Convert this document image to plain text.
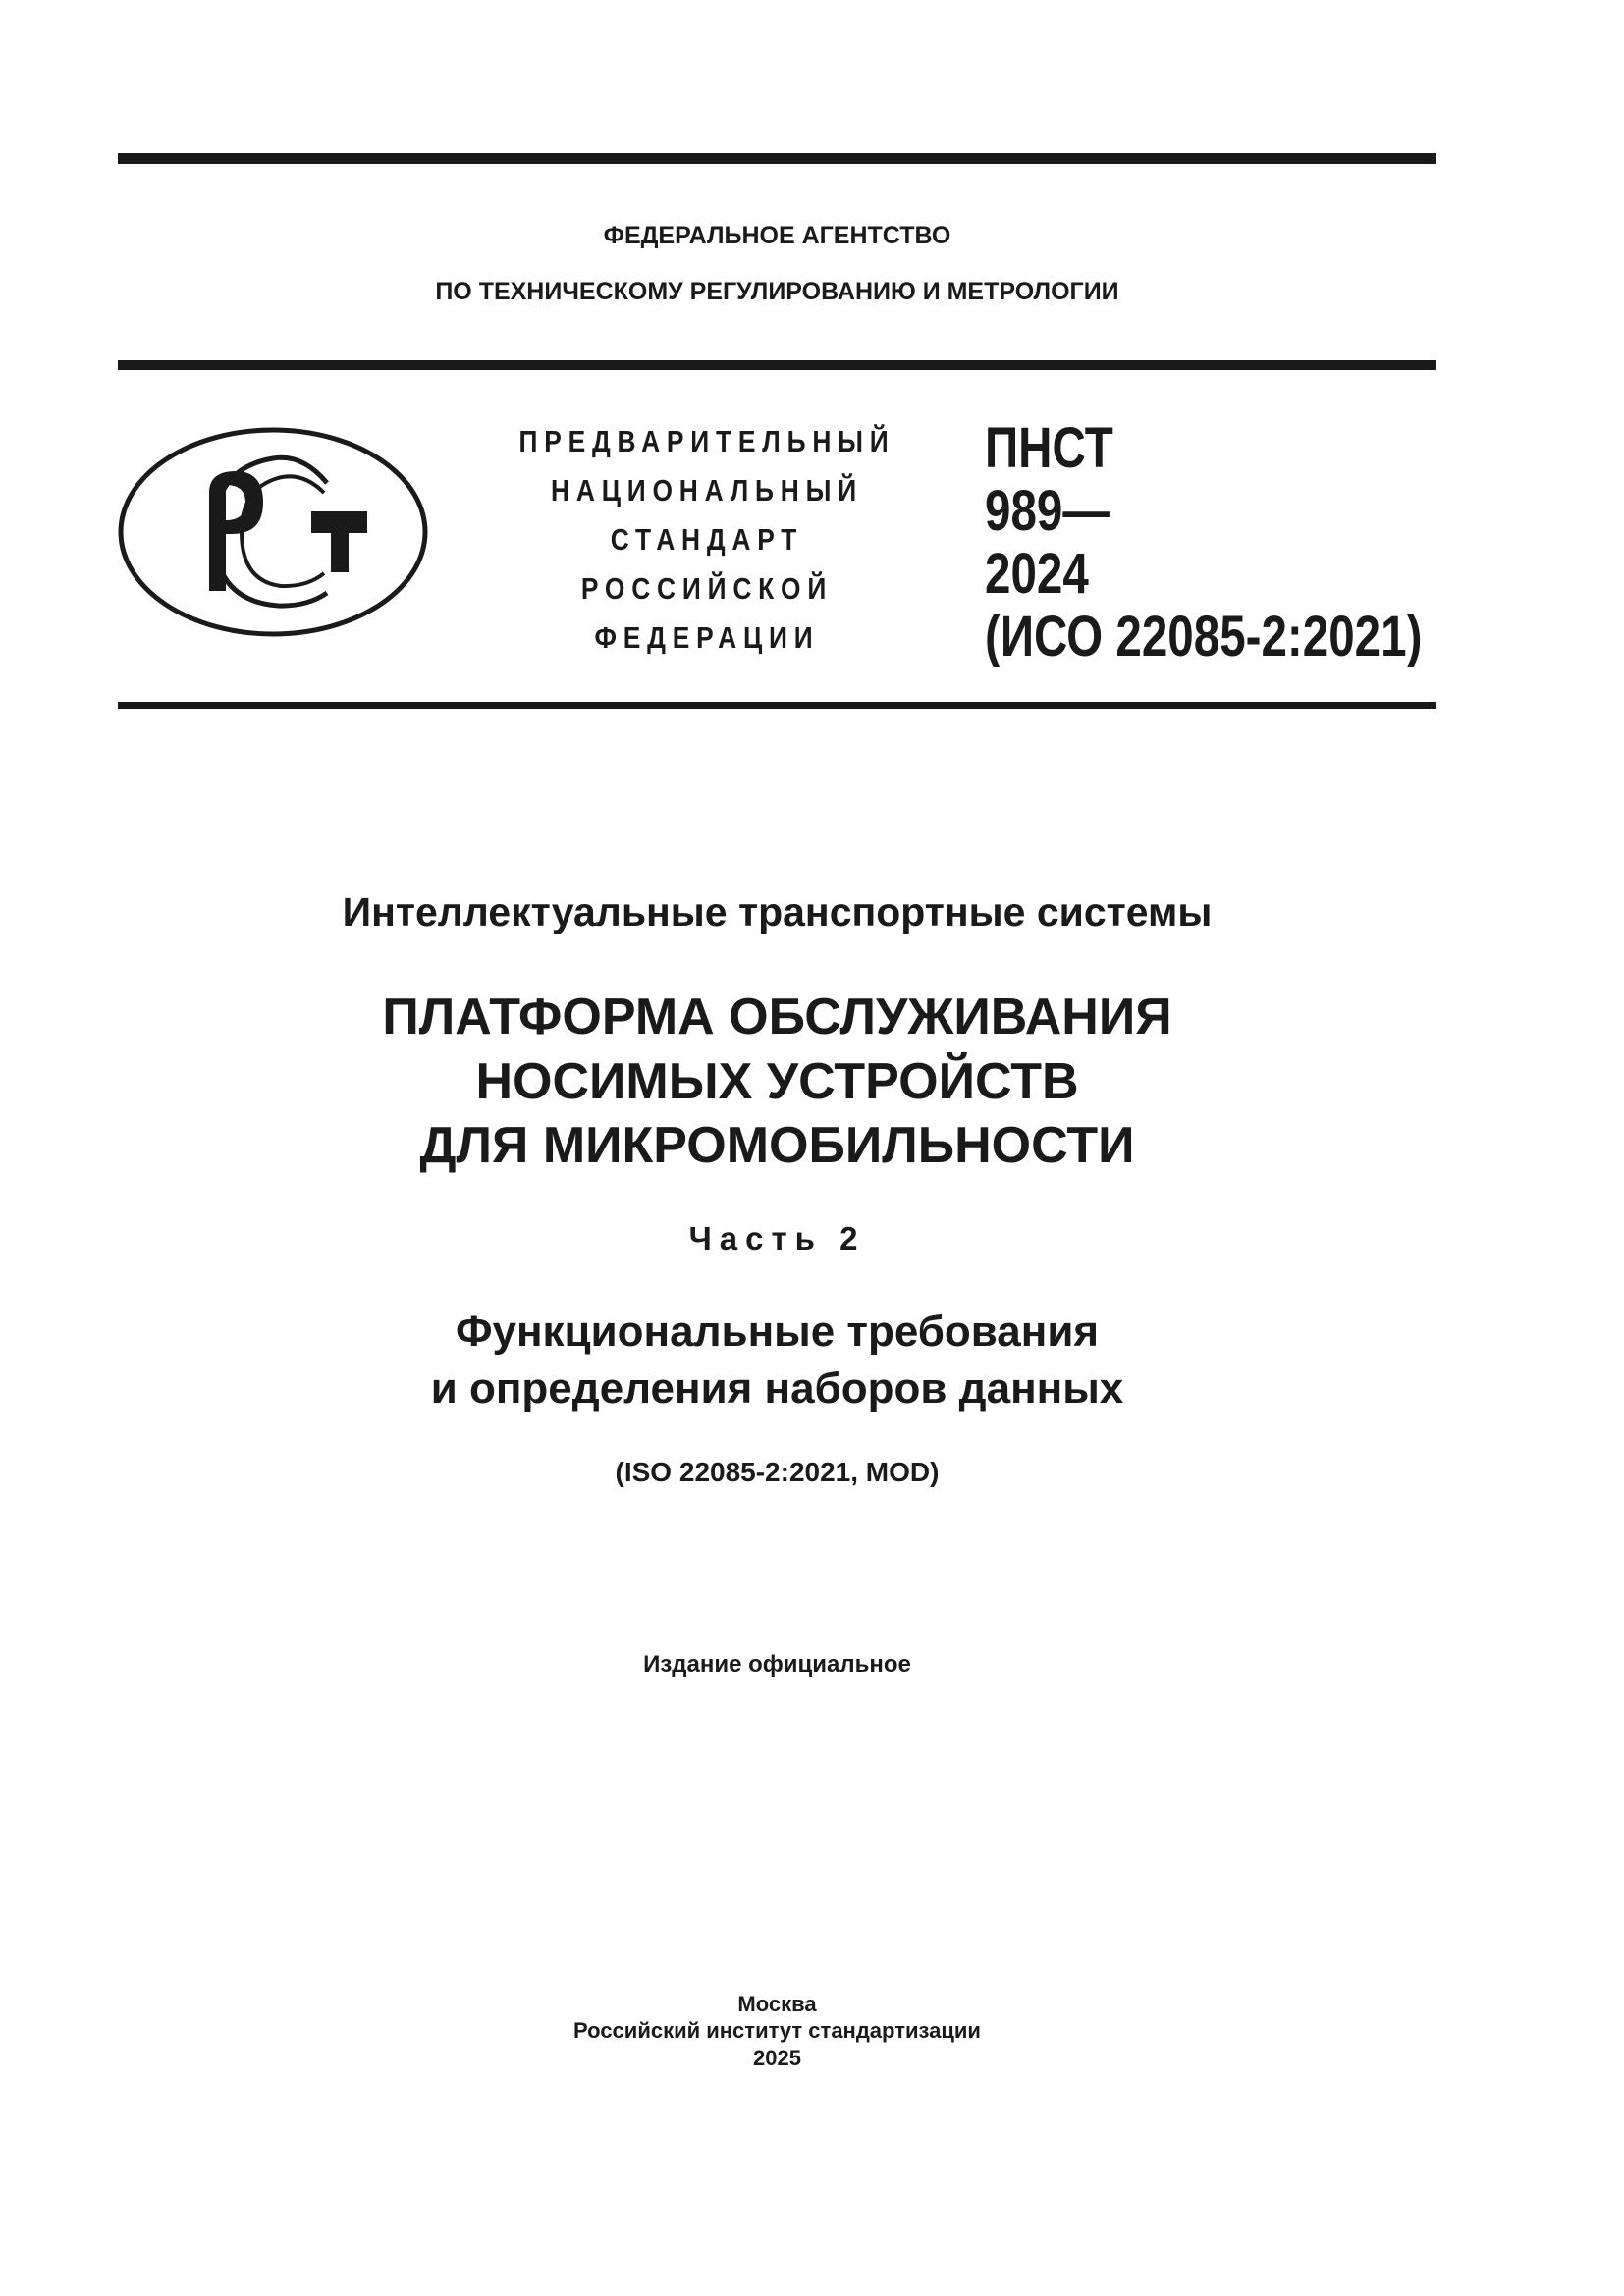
ФЕДЕРАЛЬНОЕ АГЕНТСТВО
ПО ТЕХНИЧЕСКОМУ РЕГУЛИРОВАНИЮ И МЕТРОЛОГИИ
ПРЕДВАРИТЕЛЬНЫЙ
НАЦИОНАЛЬНЫЙ
СТАНДАРТ
РОССИЙСКОЙ
ФЕДЕРАЦИИ
ПНСТ
989—
2024
(ИСО 22085-2:2021)
Интеллектуальные транспортные системы
ПЛАТФОРМА ОБСЛУЖИВАНИЯ
НОСИМЫХ УСТРОЙСТВ
ДЛЯ МИКРОМОБИЛЬНОСТИ
Часть 2
Функциональные требования
и определения наборов данных
(ISO 22085-2:2021, MOD)
Издание официальное
Москва
Российский институт стандартизации
2025
